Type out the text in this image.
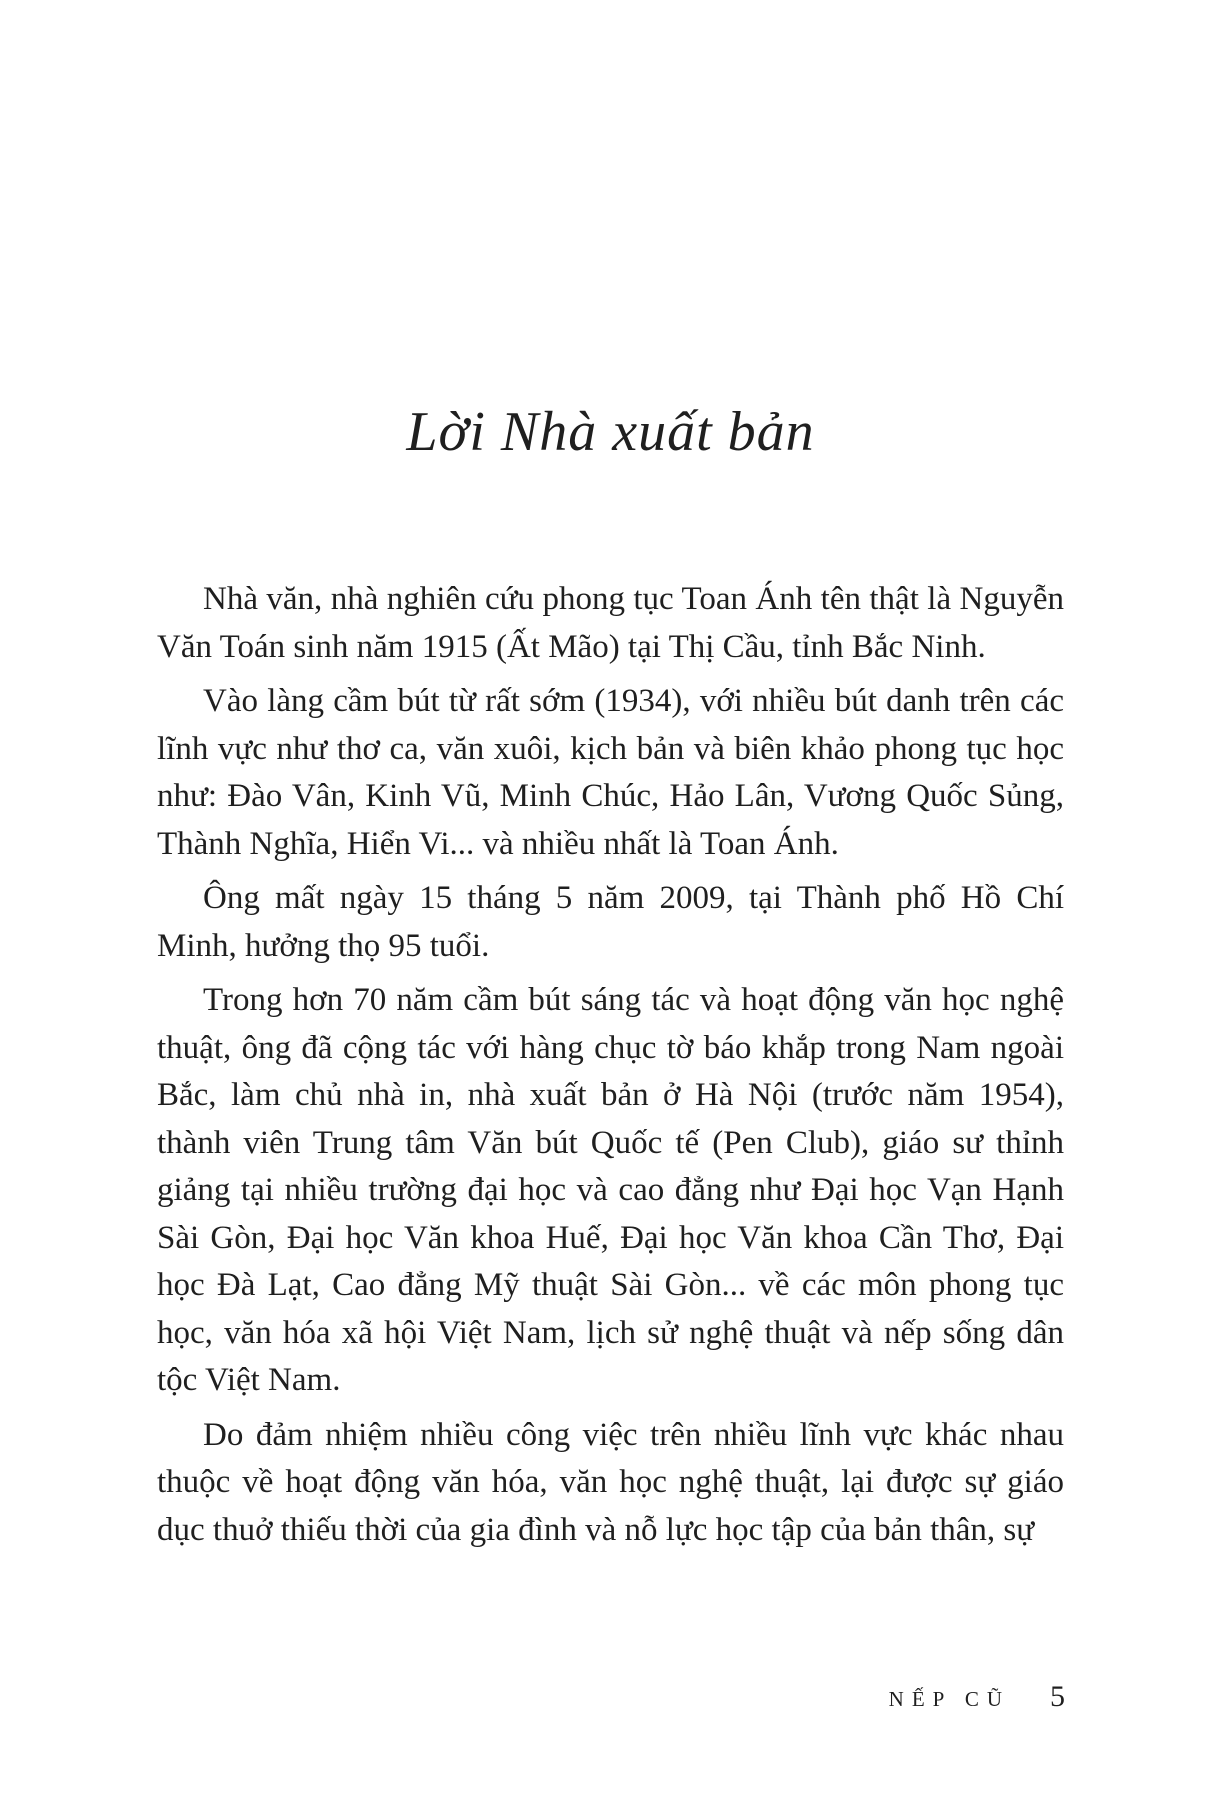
Lời Nhà xuất bản

Nhà văn, nhà nghiên cứu phong tục Toan Ánh tên thật là Nguyễn Văn Toán sinh năm 1915 (Ất Mão) tại Thị Cầu, tỉnh Bắc Ninh.

Vào làng cầm bút từ rất sớm (1934), với nhiều bút danh trên các lĩnh vực như thơ ca, văn xuôi, kịch bản và biên khảo phong tục học như: Đào Vân, Kinh Vũ, Minh Chúc, Hảo Lân, Vương Quốc Sủng, Thành Nghĩa, Hiển Vi... và nhiều nhất là Toan Ánh.

Ông mất ngày 15 tháng 5 năm 2009, tại Thành phố Hồ Chí Minh, hưởng thọ 95 tuổi.

Trong hơn 70 năm cầm bút sáng tác và hoạt động văn học nghệ thuật, ông đã cộng tác với hàng chục tờ báo khắp trong Nam ngoài Bắc, làm chủ nhà in, nhà xuất bản ở Hà Nội (trước năm 1954), thành viên Trung tâm Văn bút Quốc tế (Pen Club), giáo sư thỉnh giảng tại nhiều trường đại học và cao đẳng như Đại học Vạn Hạnh Sài Gòn, Đại học Văn khoa Huế, Đại học Văn khoa Cần Thơ, Đại học Đà Lạt, Cao đẳng Mỹ thuật Sài Gòn... về các môn phong tục học, văn hóa xã hội Việt Nam, lịch sử nghệ thuật và nếp sống dân tộc Việt Nam.

Do đảm nhiệm nhiều công việc trên nhiều lĩnh vực khác nhau thuộc về hoạt động văn hóa, văn học nghệ thuật, lại được sự giáo dục thuở thiếu thời của gia đình và nỗ lực học tập của bản thân, sự

NẾP CŨ 5
